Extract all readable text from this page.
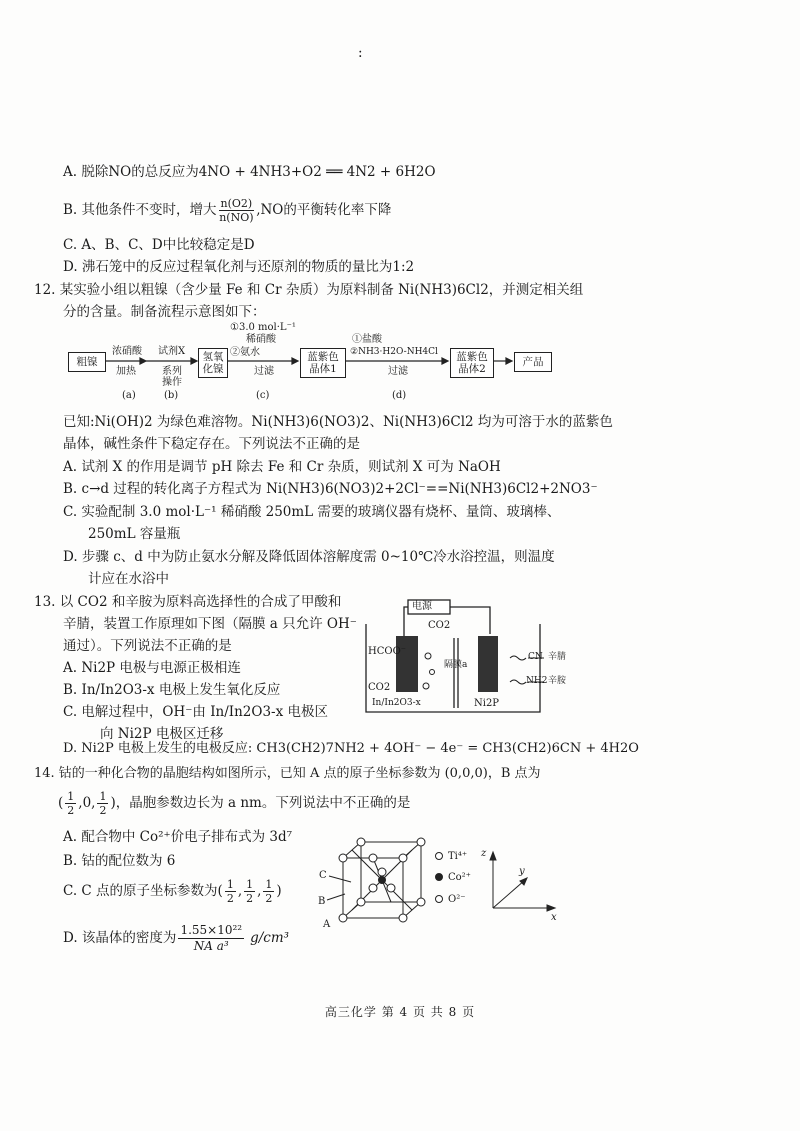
:
A. 脱除NO的总反应为4NO + 4NH3+O2 ══ 4N2 + 6H2O
B. 其他条件不变时，增大 $\frac{n(O2)}{n(NO)} ,NO$的平衡转化率下降
C. A、B、C、D中比较稳定是D
D. 沸石笼中的反应过程氧化剂与还原剂的物质的量比为1:2
12. 某实验小组以粗镍（含少量 Fe 和 Cr 杂质）为原料制备 Ni(NH3)6Cl2，并测定相关组
分的含量。制备流程示意图如下：
粗镍
浓硝酸
加热
试剂X
系列
操作
氢氧
化镍
①3.0 mol·L⁻¹
稀硝酸
②氨水
过滤
蓝紫色
晶体1
①盐酸
②NH3·H2O-NH4Cl
过滤
蓝紫色
晶体2
产品
(a)	(b)	(c)	(d)
已知:Ni(OH)2 为绿色难溶物。Ni(NH3)6(NO3)2、Ni(NH3)6Cl2 均为可溶于水的蓝紫色
晶体，碱性条件下稳定存在。下列说法不正确的是
A. 试剂 X 的作用是调节 pH 除去 Fe 和 Cr 杂质，则试剂 X 可为 NaOH
B. c→d 过程的转化离子方程式为 Ni(NH3)6(NO3)2+2Cl⁻==Ni(NH3)6Cl2+2NO3⁻
C. 实验配制 3.0 mol·L⁻¹ 稀硝酸 250mL 需要的玻璃仪器有烧杯、量筒、玻璃棒、
250mL 容量瓶
D. 步骤 c、d 中为防止氨水分解及降低固体溶解度需 0~10℃冷水浴控温，则温度
计应在水浴中
13. 以 CO2 和辛胺为原料高选择性的合成了甲酸和
辛腈，装置工作原理如下图（隔膜 a 只允许 OH⁻
通过）。下列说法不正确的是
A. Ni2P 电极与电源正极相连
B. In/In2O3-x 电极上发生氧化反应
C. 电解过程中，OH⁻由 In/In2O3-x 电极区
向 Ni2P 电极区迁移
D. Ni2P 电极上发生的电极反应: CH3(CH2)7NH2 + 4OH⁻ − 4e⁻ = CH3(CH2)6CN + 4H2O
电源
CO2
HCOO⁻
CO2
In/In2O3-x
隔膜a
Ni2P
CN 辛腈
NH2 辛胺
14. 钴的一种化合物的晶胞结构如图所示，已知 A 点的原子坐标参数为 (0,0,0)，B 点为
( $\frac{1}{2}$ , 0 , $\frac{1}{2}$ )，晶胞参数边长为 a nm。下列说法中不正确的是
A. 配合物中 Co²⁺价电子排布式为 3d⁷
B. 钴的配位数为 6
C. C 点的原子坐标参数为( $\frac{1}{2}$ , $\frac{1}{2}$ , $\frac{1}{2}$ )
D. 该晶体的密度为 $\frac{\text{1.55×10²²}}{\text{NA a³}} g/cm^3$
C
B
A
Ti⁴⁺
Co²⁺
O²⁻
z
y
x
高三化学 第 4 页 共 8 页
